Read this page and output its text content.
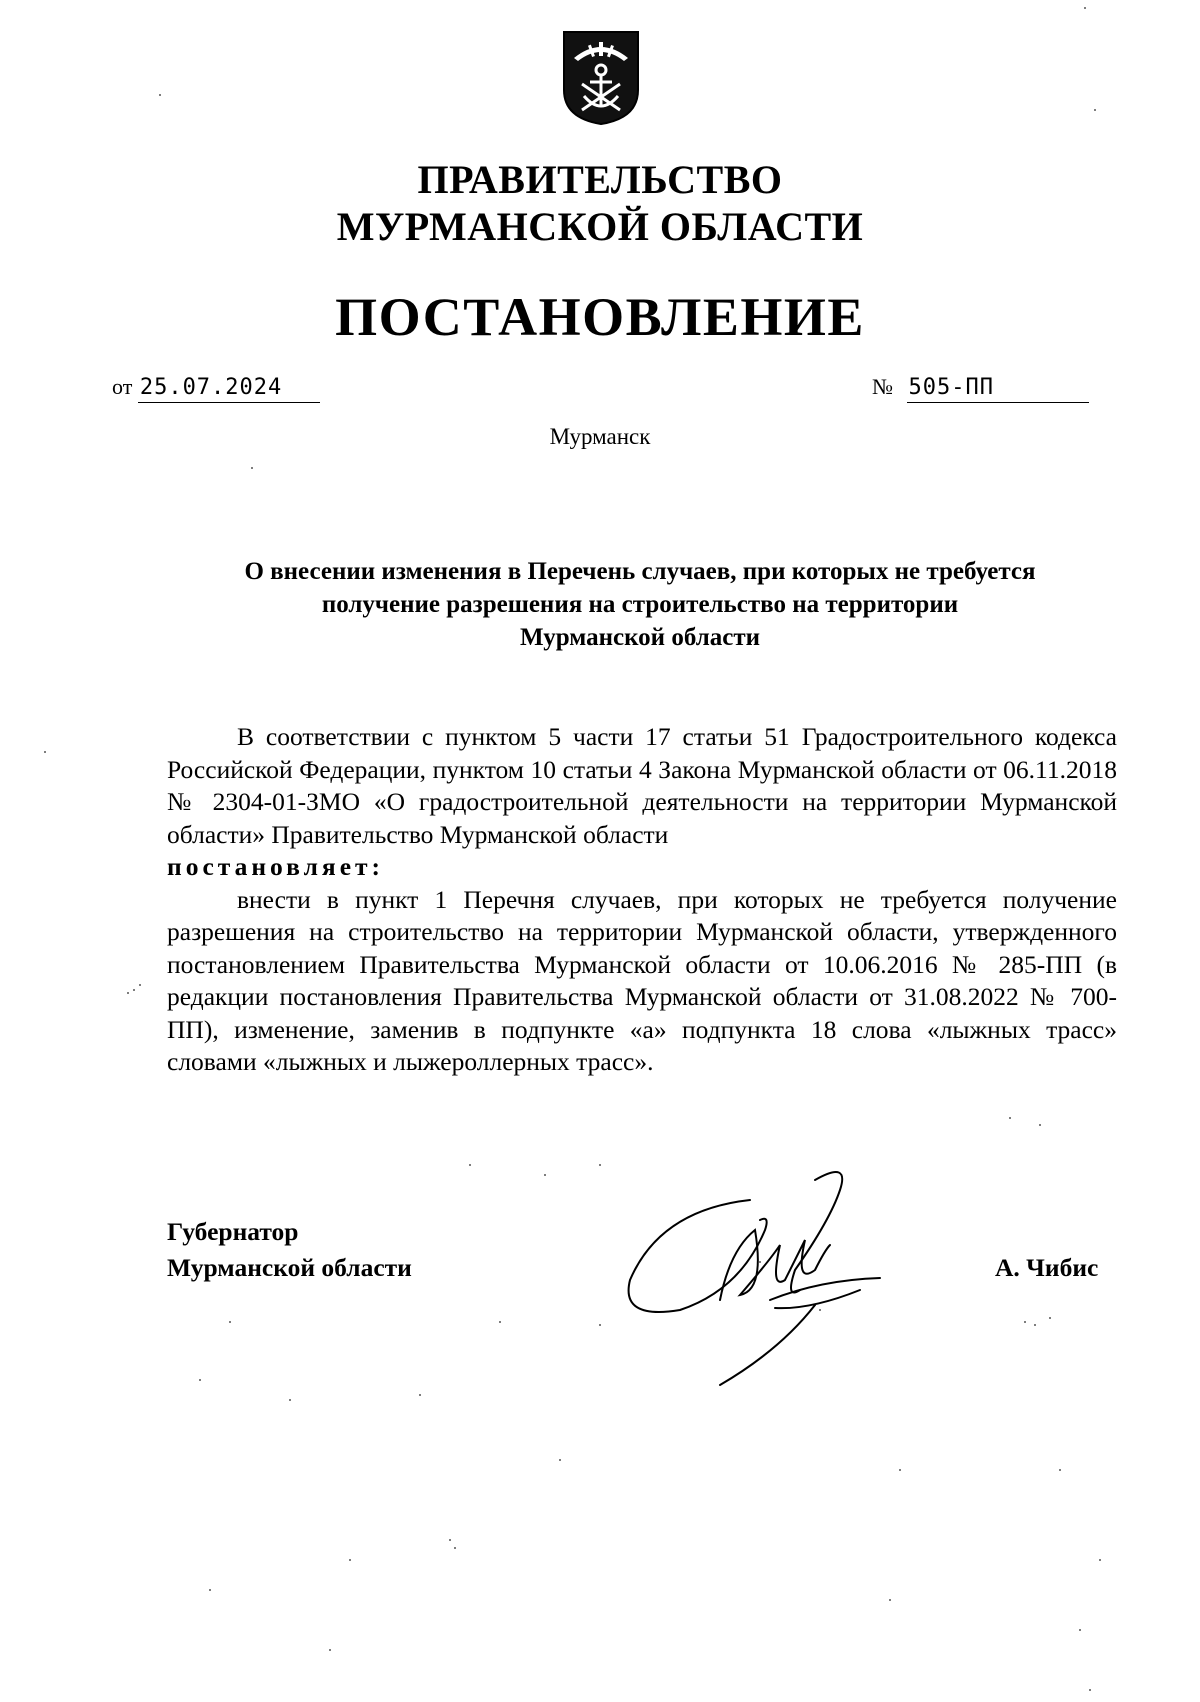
ПРАВИТЕЛЬСТВО
МУРМАНСКОЙ ОБЛАСТИ
ПОСТАНОВЛЕНИЕ
от 25.07.2024	№ 505-ПП
Мурманск
О внесении изменения в Перечень случаев, при которых не требуется
получение разрешения на строительство на территории
Мурманской области

В соответствии с пунктом 5 части 17 статьи 51 Градостроительного кодекса Российской Федерации, пунктом 10 статьи 4 Закона Мурманской области от 06.11.2018 № 2304-01-ЗМО «О градостроительной деятельности на территории Мурманской области» Правительство Мурманской области

постановляет:

внести в пункт 1 Перечня случаев, при которых не требуется получение разрешения на строительство на территории Мурманской области, утвержденного постановлением Правительства Мурманской области от 10.06.2016 № 285-ПП (в редакции постановления Правительства Мурманской области от 31.08.2022 № 700-ПП), изменение, заменив в подпункте «а» подпункта 18 слова «лыжных трасс» словами «лыжных и лыжероллерных трасс».

Губернатор
Мурманской области	А. Чибис
